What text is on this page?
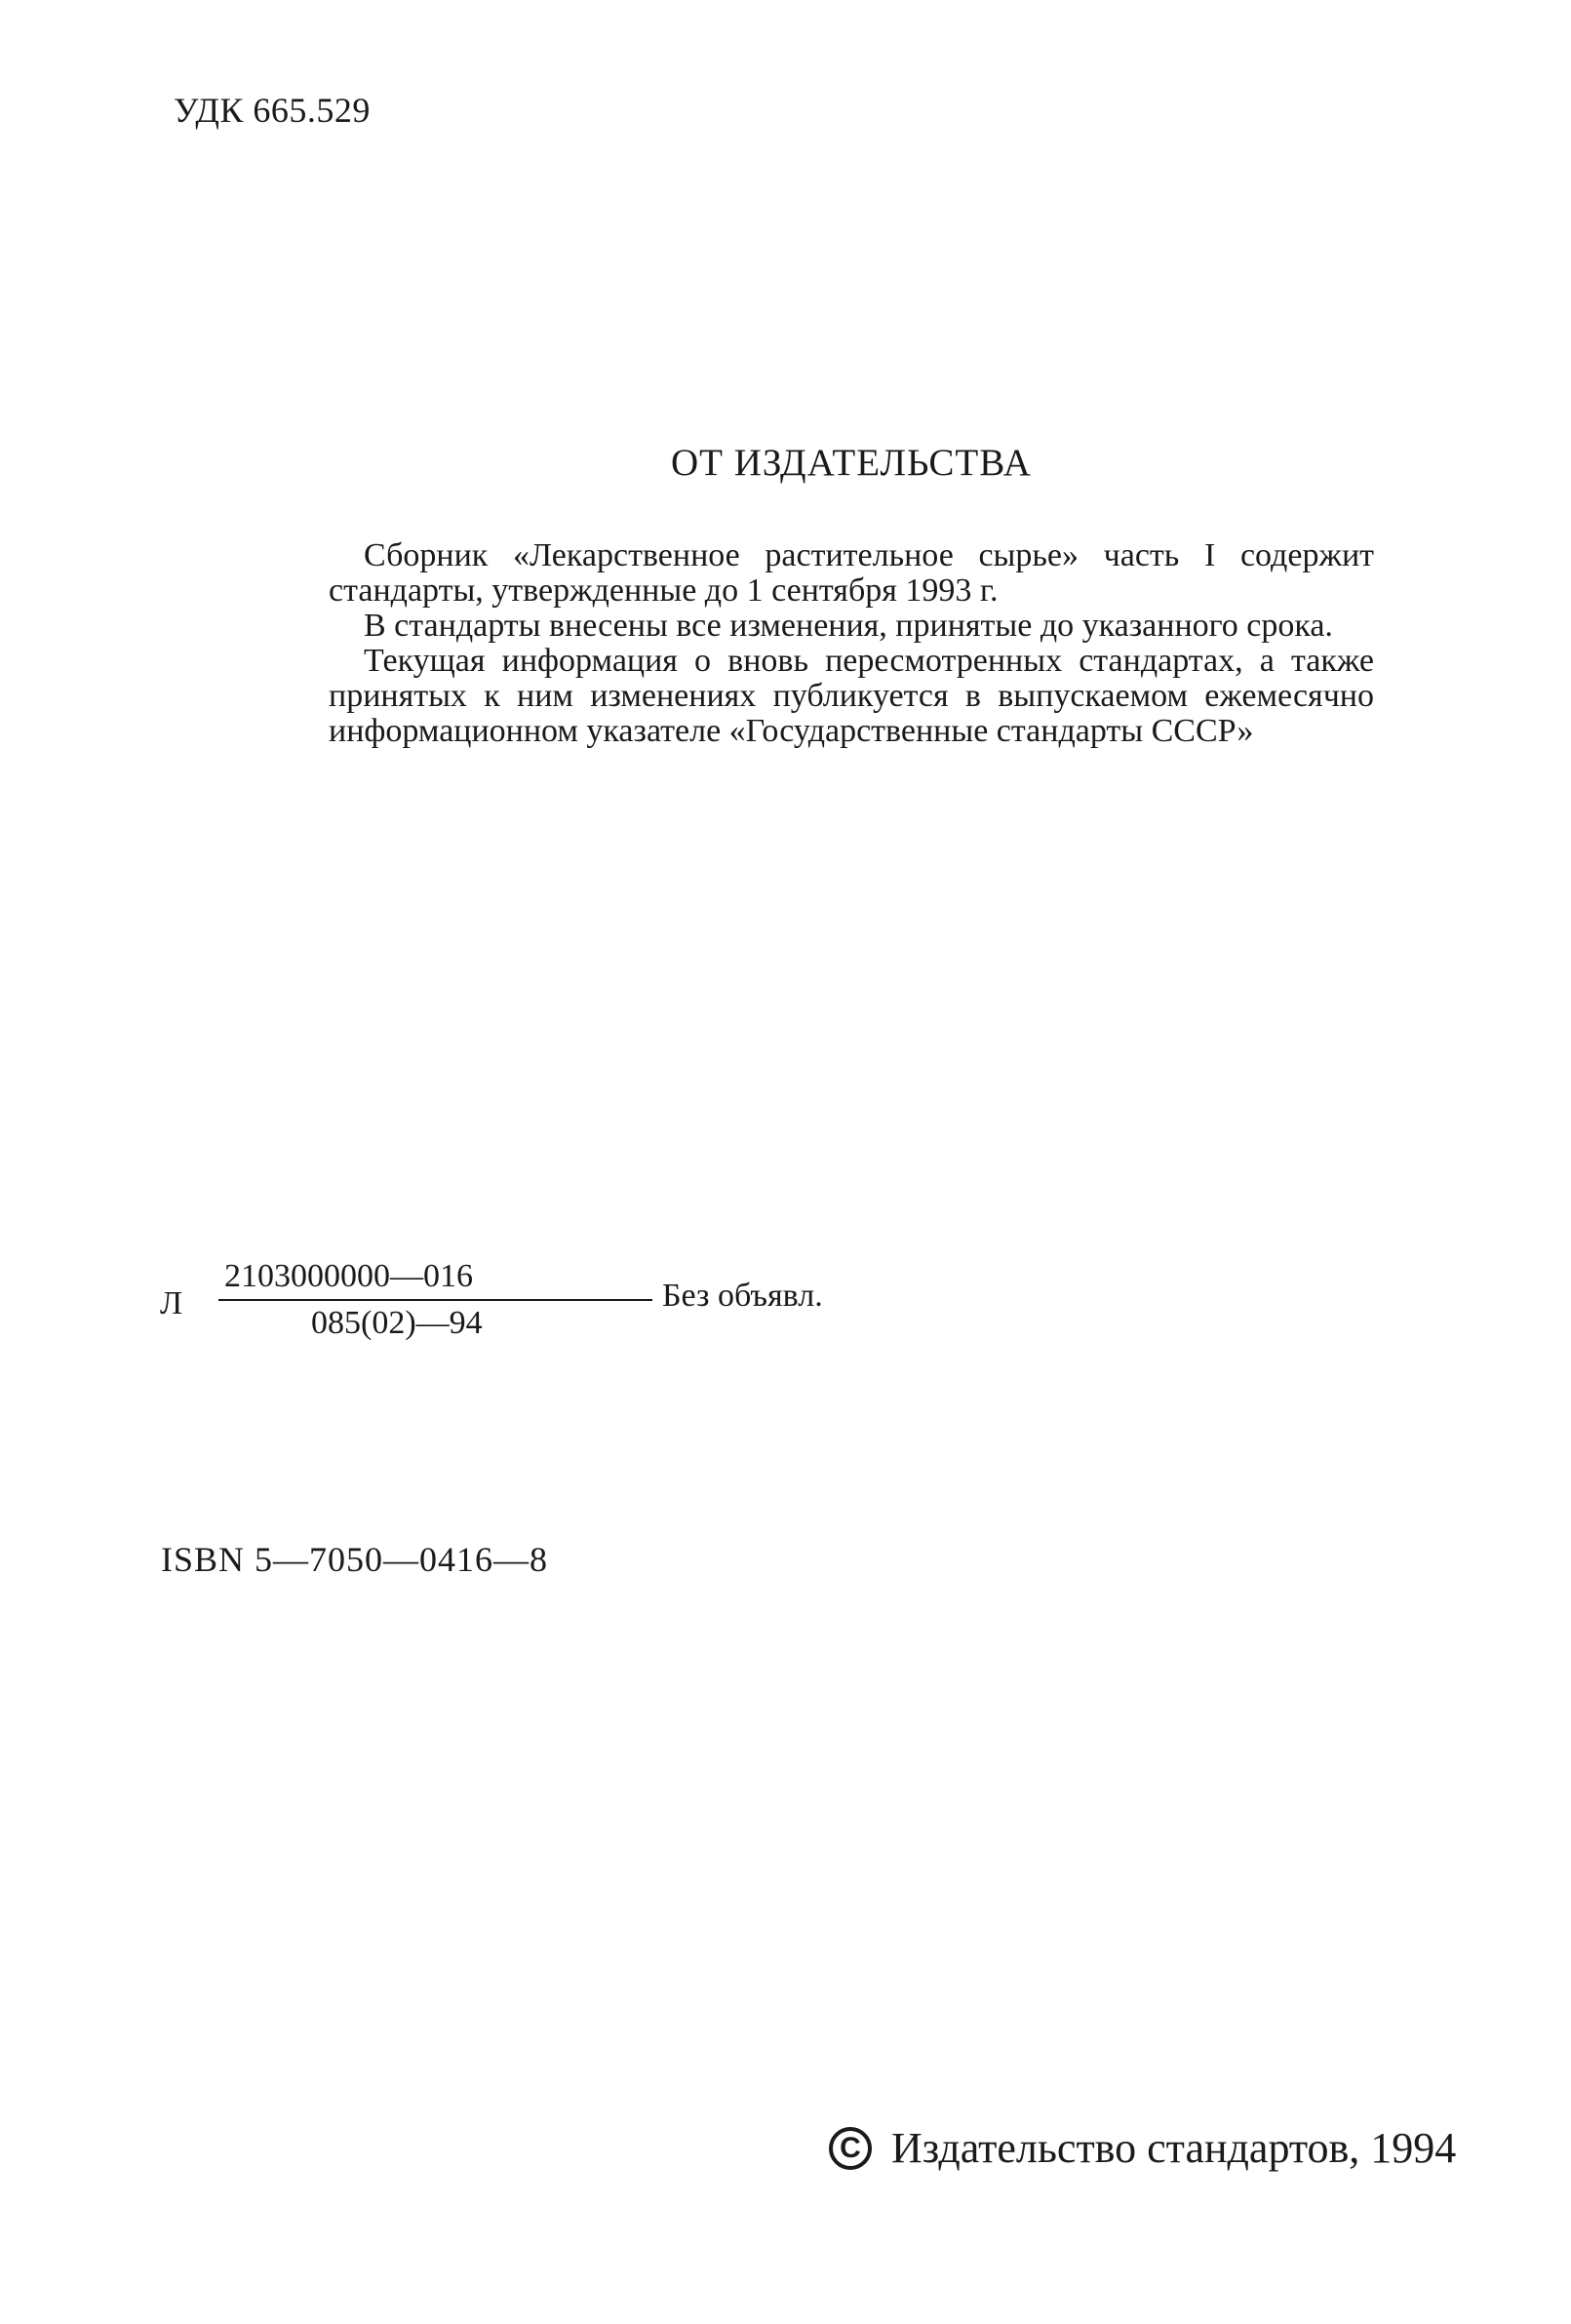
УДК 665.529
ОТ ИЗДАТЕЛЬСТВА

Сборник «Лекарственное растительное сырье» часть I содержит стандарты, утвержденные до 1 сентября 1993 г.

В стандарты внесены все изменения, принятые до указанного срока.

Текущая информация о вновь пересмотренных стандартах, а также принятых к ним изменениях публикуется в выпускаемом ежемесячно информационном указателе «Государственные стандарты СССР»

Л
2103000000—016
085(02)—94
Без объявл.
ISBN 5—7050—0416—8
C Издательство стандартов, 1994
